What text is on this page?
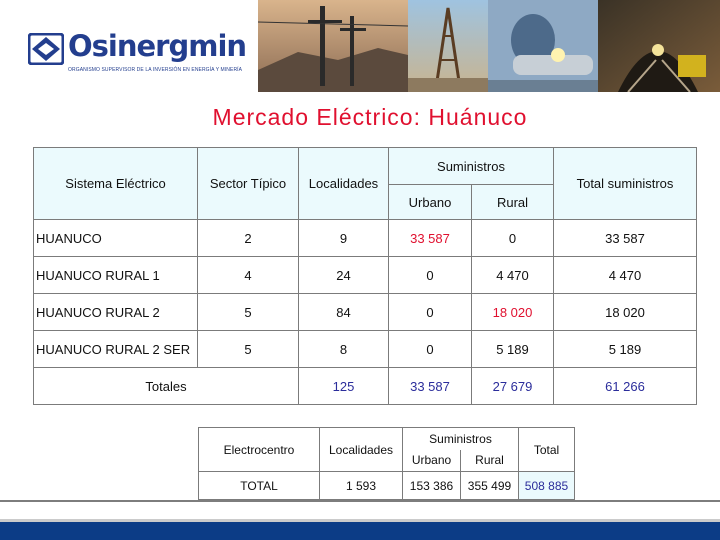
Osinergmin
ORGANISMO SUPERVISOR DE LA INVERSIÓN EN ENERGÍA Y MINERÍA
Mercado Eléctrico: Huánuco
Sistema Eléctrico	Sector Típico	Localidades	Suministros		Total suministros
			Urbano	Rural	
HUANUCO	2	9	33 587	0	33 587
HUANUCO RURAL 1	4	24	0	4 470	4 470
HUANUCO RURAL 2	5	84	0	18 020	18 020
HUANUCO RURAL 2 SER	5	8	0	5 189	5 189
Totales		125	33 587	27 679	61 266
Electrocentro	Localidades	Suministros		Total
		Urbano	Rural	
TOTAL	1 593	153 386	355 499	508 885
